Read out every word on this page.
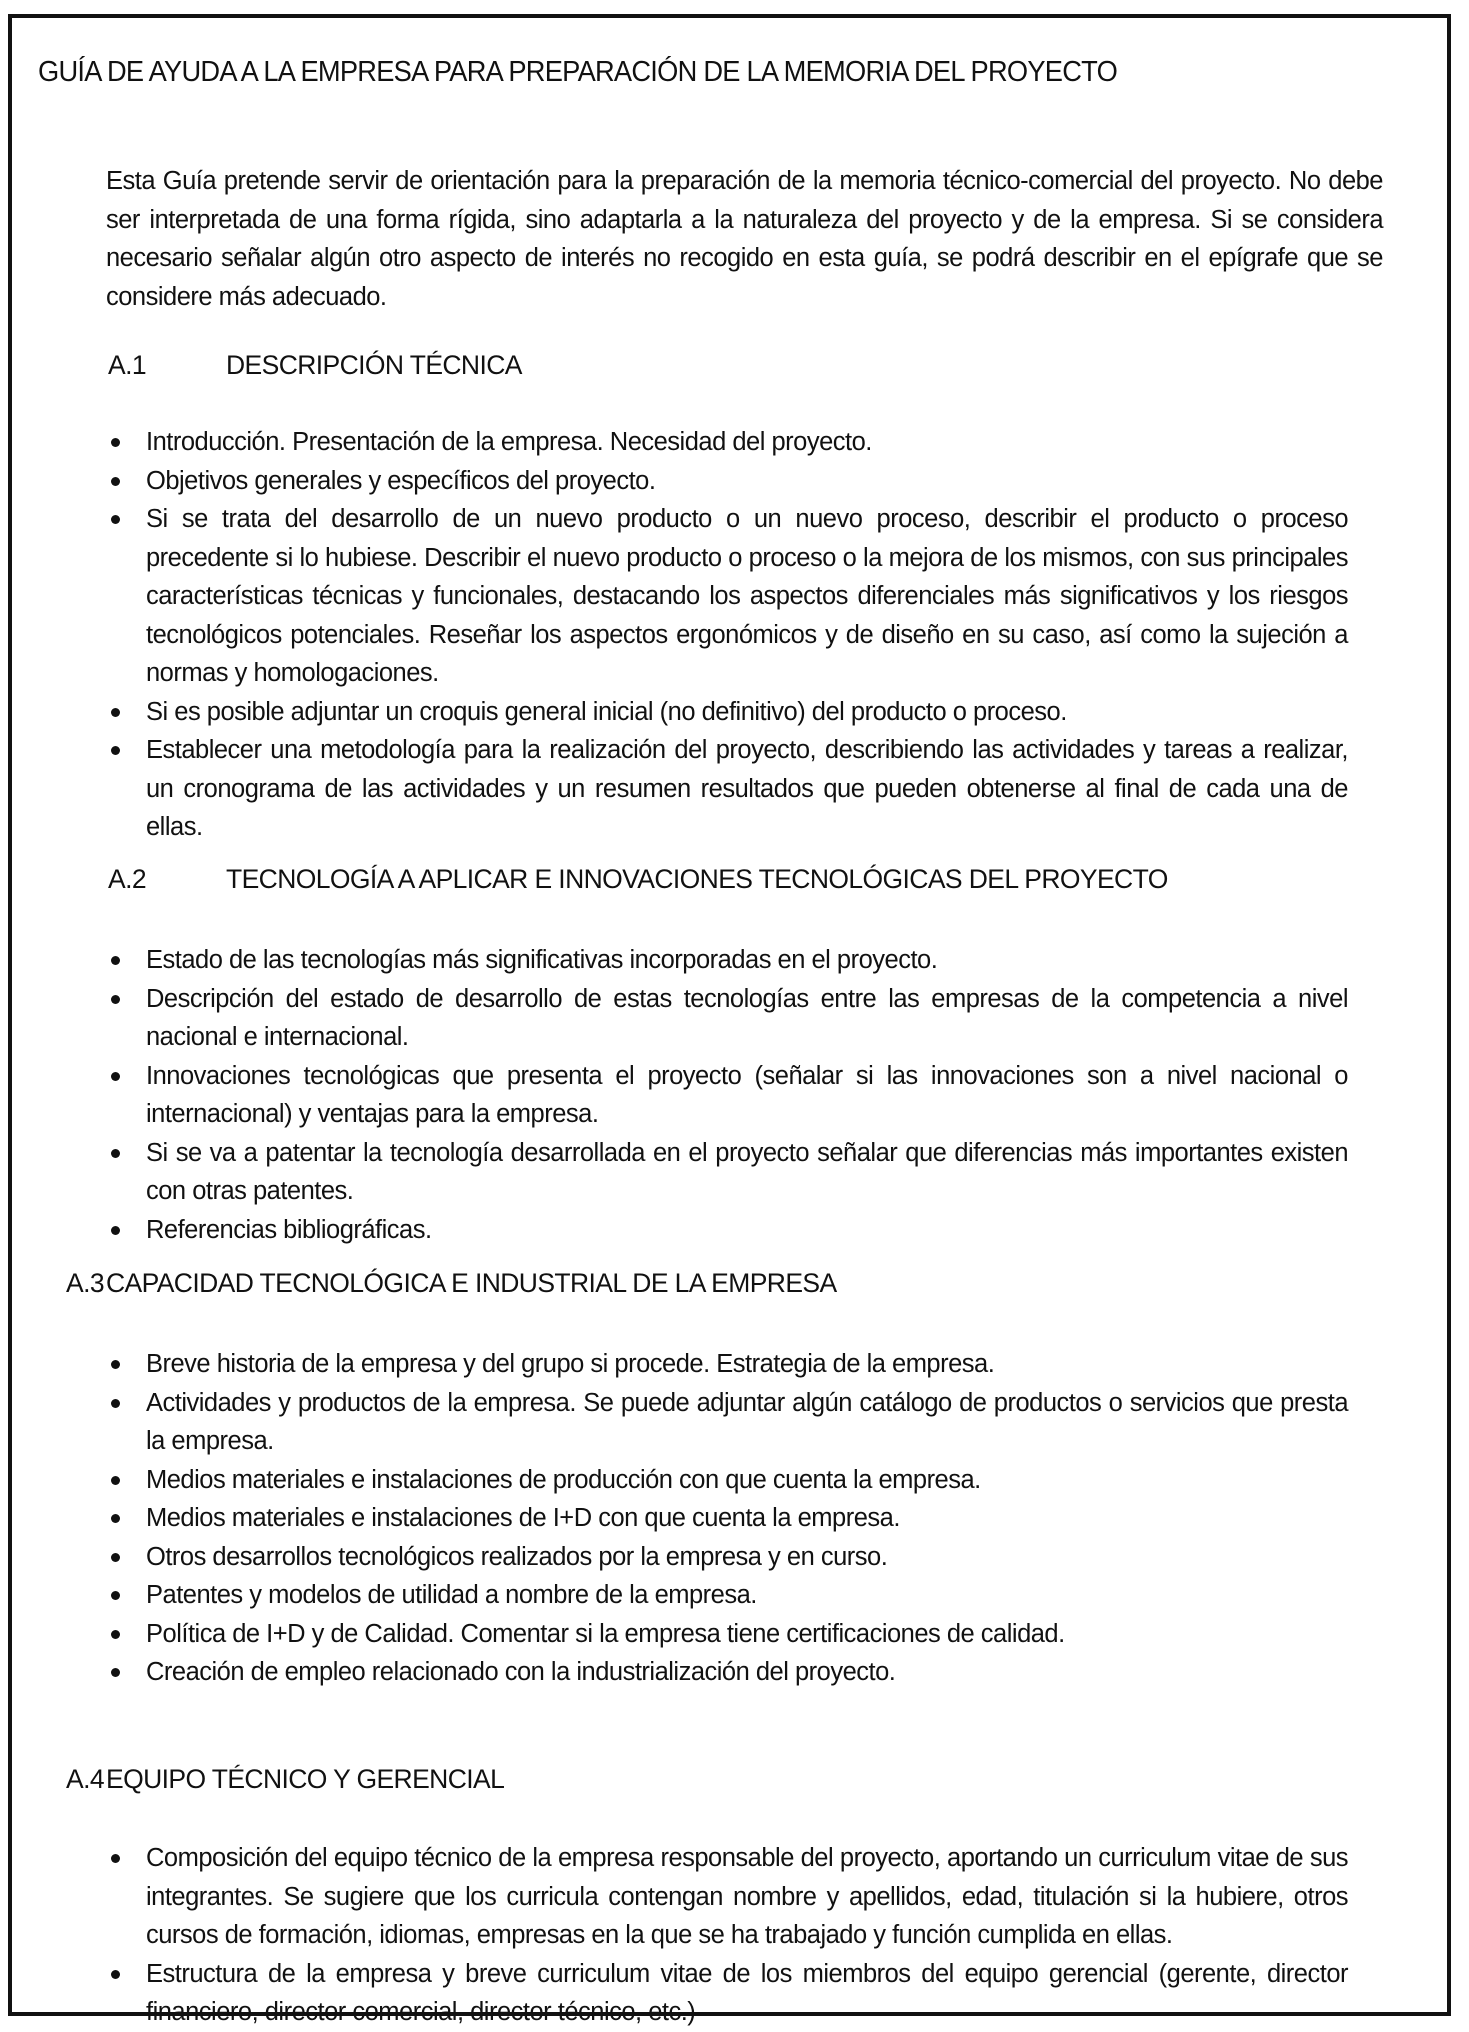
GUÍA DE AYUDA A LA EMPRESA PARA PREPARACIÓN DE LA MEMORIA DEL PROYECTO

Esta Guía pretende servir de orientación para la preparación de la memoria técnico-comercial del proyecto. No debe ser interpretada de una forma rígida, sino adaptarla a la naturaleza del proyecto y de la empresa. Si se considera necesario señalar algún otro aspecto de interés no recogido en esta guía, se podrá describir en el epígrafe que se considere más adecuado.

A.1	DESCRIPCIÓN TÉCNICA
Introducción. Presentación de la empresa. Necesidad del proyecto.
Objetivos generales y específicos del proyecto.
Si se trata del desarrollo de un nuevo producto o un nuevo proceso, describir el producto o proceso precedente si lo hubiese. Describir el nuevo producto o proceso o la mejora de los mismos, con sus principales características técnicas y funcionales, destacando los aspectos diferenciales más significativos y los riesgos tecnológicos potenciales. Reseñar los aspectos ergonómicos y de diseño en su caso, así como la sujeción a normas y homologaciones.
Si es posible adjuntar un croquis general inicial (no definitivo) del producto o proceso.
Establecer una metodología para la realización del proyecto, describiendo las actividades y tareas a realizar, un cronograma de las actividades y un resumen resultados que pueden obtenerse al final de cada una de ellas.
A.2	TECNOLOGÍA A APLICAR E INNOVACIONES TECNOLÓGICAS DEL PROYECTO
Estado de las tecnologías más significativas incorporadas en el proyecto.
Descripción del estado de desarrollo de estas tecnologías entre las empresas de la competencia a nivel nacional e internacional.
Innovaciones tecnológicas que presenta el proyecto (señalar si las innovaciones son a nivel nacional o internacional) y ventajas para la empresa.
Si se va a patentar la tecnología desarrollada en el proyecto señalar que diferencias más importantes existen con otras patentes.
Referencias bibliográficas.
A.3CAPACIDAD TECNOLÓGICA E INDUSTRIAL DE LA EMPRESA
Breve historia de la empresa y del grupo si procede. Estrategia de la empresa.
Actividades y productos de la empresa. Se puede adjuntar algún catálogo de productos o servicios que presta la empresa.
Medios materiales e instalaciones de producción con que cuenta la empresa.
Medios materiales e instalaciones de I+D con que cuenta la empresa.
Otros desarrollos tecnológicos realizados por la empresa y en curso.
Patentes y modelos de utilidad a nombre de la empresa.
Política de I+D y de Calidad. Comentar si la empresa tiene certificaciones de calidad.
Creación de empleo relacionado con la industrialización del proyecto.
A.4EQUIPO TÉCNICO Y GERENCIAL
Composición del equipo técnico de la empresa responsable del proyecto, aportando un curriculum vitae de sus integrantes. Se sugiere que los curricula contengan nombre y apellidos, edad, titulación si la hubiere, otros cursos de formación, idiomas, empresas en la que se ha trabajado y función cumplida en ellas.
Estructura de la empresa y breve curriculum vitae de los miembros del equipo gerencial (gerente, director financiero, director comercial, director técnico, etc.)
